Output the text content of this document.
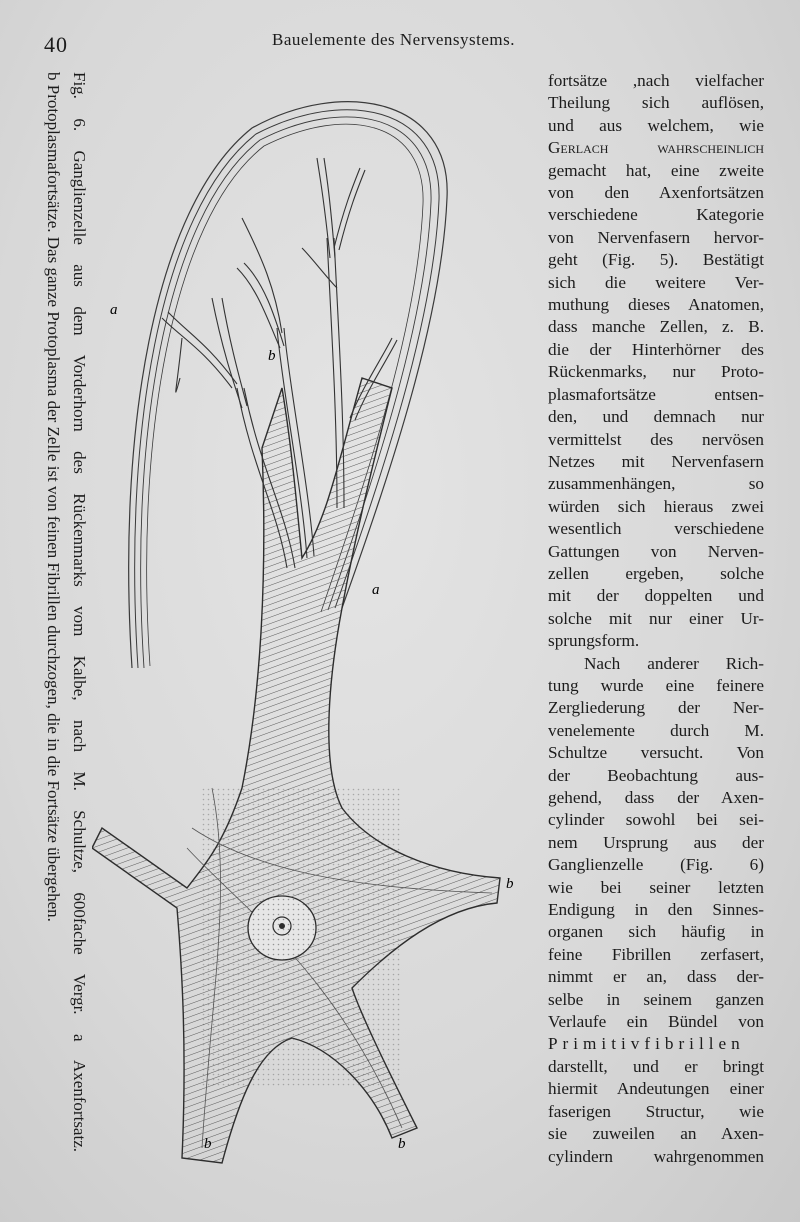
40	Bauelemente des Nervensystems.
Fig. 6. Ganglienzelle aus dem Vorderhorn des Rückenmarks vom Kalbe, nach M. Schultze, 600fache Vergr. a Axenfortsatz.
b Protoplasmafortsätze. Das ganze Protoplasma der Zelle ist von feinen Fibrillen durchzogen, die in die Fortsätze übergehen.	a
b
a
b
b	b
fortsätze ,nach vielfacher
Theilung sich auflösen,
und aus welchem, wie
Gerlach wahrscheinlich
gemacht hat, eine zweite
von den Axenfortsätzen
verschiedene Kategorie
von Nervenfasern hervor-
geht (Fig. 5). Bestätigt
sich die weitere Ver-
muthung dieses Anatomen,
dass manche Zellen, z. B.
die der Hinterhörner des
Rückenmarks, nur Proto-
plasmafortsätze entsen-
den, und demnach nur
vermittelst des nervösen
Netzes mit Nervenfasern
zusammenhängen, so
würden sich hieraus zwei
wesentlich verschiedene
Gattungen von Nerven-
zellen ergeben, solche
mit der doppelten und
solche mit nur einer Ur-
sprungsform.
Nach anderer Rich-
tung wurde eine feinere
Zergliederung der Ner-
venelemente durch M.
Schultze versucht. Von
der Beobachtung aus-
gehend, dass der Axen-
cylinder sowohl bei sei-
nem Ursprung aus der
Ganglienzelle (Fig. 6)
wie bei seiner letzten
Endigung in den Sinnes-
organen sich häufig in
feine Fibrillen zerfasert,
nimmt er an, dass der-
selbe in seinem ganzen
Verlaufe ein Bündel von
Primitivfibrillen
darstellt, und er bringt
hiermit Andeutungen einer
faserigen Structur, wie
sie zuweilen an Axen-
cylindern wahrgenommen
